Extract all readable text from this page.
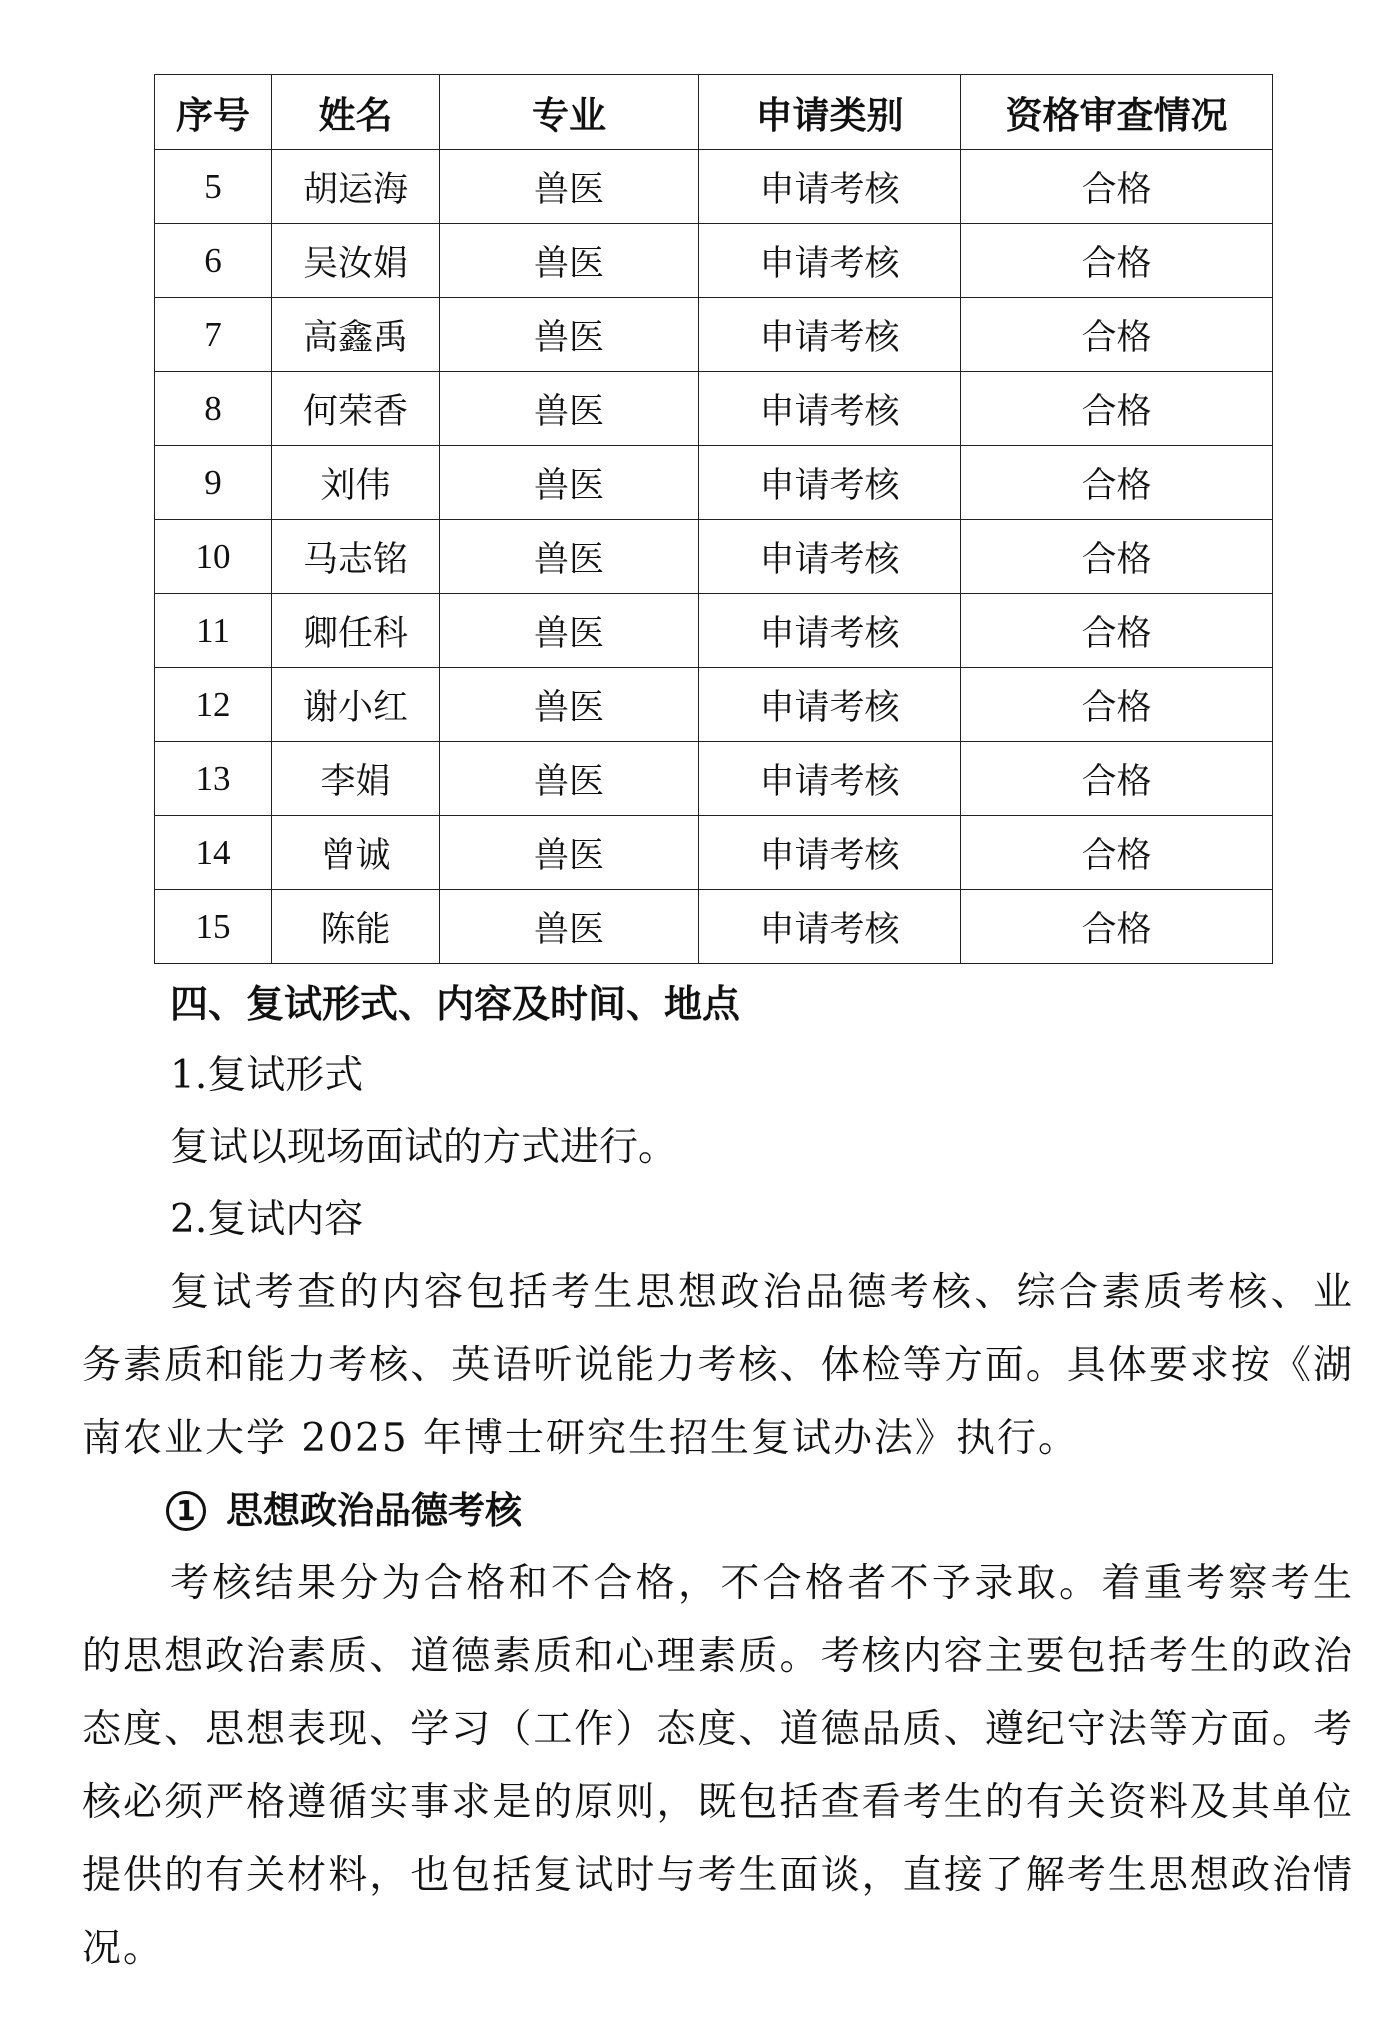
序号	姓名	专业	申请类别	资格审查情况
5	胡运海	兽医	申请考核	合格
6	吴汝娟	兽医	申请考核	合格
7	高鑫禹	兽医	申请考核	合格
8	何荣香	兽医	申请考核	合格
9	刘伟	兽医	申请考核	合格
10	马志铭	兽医	申请考核	合格
11	卿任科	兽医	申请考核	合格
12	谢小红	兽医	申请考核	合格
13	李娟	兽医	申请考核	合格
14	曾诚	兽医	申请考核	合格
15	陈能	兽医	申请考核	合格

四、复试形式、内容及时间、地点

1.复试形式

复试以现场面试的方式进行。

2.复试内容

复试考查的内容包括考生思想政治品德考核、综合素质考核、业务素质和能力考核、英语听说能力考核、体检等方面。具体要求按《湖南农业大学 2025 年博士研究生招生复试办法》执行。

1 思想政治品德考核

考核结果分为合格和不合格，不合格者不予录取。着重考察考生的思想政治素质、道德素质和心理素质。考核内容主要包括考生的政治态度、思想表现、学习（工作）态度、道德品质、遵纪守法等方面。考核必须严格遵循实事求是的原则，既包括查看考生的有关资料及其单位提供的有关材料，也包括复试时与考生面谈，直接了解考生思想政治情况。
